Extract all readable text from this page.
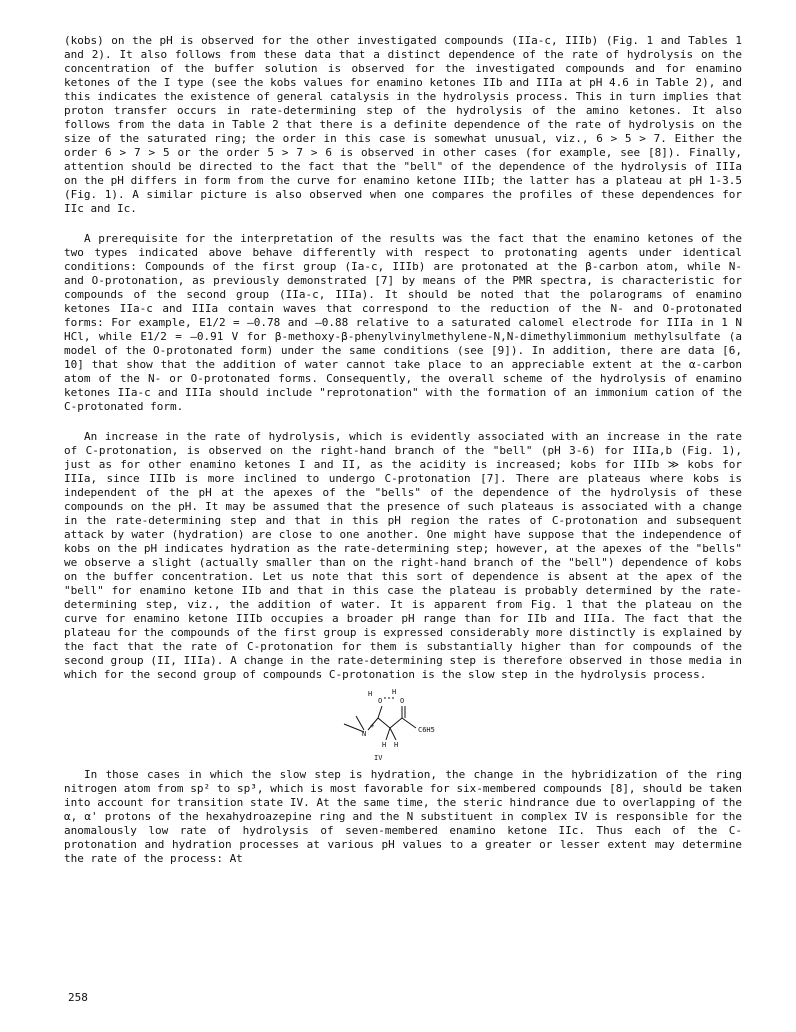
(kobs) on the pH is observed for the other investigated compounds (IIa-c, IIIb) (Fig. 1 and Tables 1 and 2). It also follows from these data that a distinct dependence of the rate of hydrolysis on the concentration of the buffer solution is observed for the investigated compounds and for enamino ketones of the I type (see the kobs values for enamino ketones IIb and IIIa at pH 4.6 in Table 2), and this indicates the existence of general catalysis in the hydrolysis process. This in turn implies that proton transfer occurs in rate-determining step of the hydrolysis of the amino ketones. It also follows from the data in Table 2 that there is a definite dependence of the rate of hydrolysis on the size of the saturated ring; the order in this case is somewhat unusual, viz., 6 > 5 > 7. Either the order 6 > 7 > 5 or the order 5 > 7 > 6 is observed in other cases (for example, see [8]). Finally, attention should be directed to the fact that the "bell" of the dependence of the hydrolysis of IIIa on the pH differs in form from the curve for enamino ketone IIIb; the latter has a plateau at pH 1-3.5 (Fig. 1). A similar picture is also observed when one compares the profiles of these dependences for IIc and Ic.

A prerequisite for the interpretation of the results was the fact that the enamino ketones of the two types indicated above behave differently with respect to protonating agents under identical conditions: Compounds of the first group (Ia-c, IIIb) are protonated at the β-carbon atom, while N- and O-protonation, as previously demonstrated [7] by means of the PMR spectra, is characteristic for compounds of the second group (IIa-c, IIIa). It should be noted that the polarograms of enamino ketones IIa-c and IIIa contain waves that correspond to the reduction of the N- and O-protonated forms: For example, E1/2 = –0.78 and –0.88 relative to a saturated calomel electrode for IIIa in 1 N HCl, while E1/2 = –0.91 V for β-methoxy-β-phenylvinylmethylene-N,N-dimethylimmonium methylsulfate (a model of the O-protonated form) under the same conditions (see [9]). In addition, there are data [6, 10] that show that the addition of water cannot take place to an appreciable extent at the α-carbon atom of the N- or O-protonated forms. Consequently, the overall scheme of the hydrolysis of enamino ketones IIa-c and IIIa should include "reprotonation" with the formation of an immonium cation of the C-protonated form.

An increase in the rate of hydrolysis, which is evidently associated with an increase in the rate of C-protonation, is observed on the right-hand branch of the "bell" (pH 3-6) for IIIa,b (Fig. 1), just as for other enamino ketones I and II, as the acidity is increased; kobs for IIIb ≫ kobs for IIIa, since IIIb is more inclined to undergo C-protonation [7]. There are plateaus where kobs is independent of the pH at the apexes of the "bells" of the dependence of the hydrolysis of these compounds on the pH. It may be assumed that the presence of such plateaus is associated with a change in the rate-determining step and that in this pH region the rates of C-protonation and subsequent attack by water (hydration) are close to one another. One might have suppose that the independence of kobs on the pH indicates hydration as the rate-determining step; however, at the apexes of the "bells" we observe a slight (actually smaller than on the right-hand branch of the "bell") dependence of kobs on the buffer concentration. Let us note that this sort of dependence is absent at the apex of the "bell" for enamino ketone IIb and that in this case the plateau is probably determined by the rate-determining step, viz., the addition of water. It is apparent from Fig. 1 that the plateau on the curve for enamino ketone IIIb occupies a broader pH range than for IIb and IIIa. The fact that the plateau for the compounds of the first group is expressed considerably more distinctly is explained by the fact that the rate of C-protonation for them is substantially higher than for compounds of the second group (II, IIIa). A change in the rate-determining step is therefore observed in those media in which for the second group of compounds C-protonation is the slow step in the hydrolysis process.

H
O
H
O
N
+
H H
C6H5
IV

In those cases in which the slow step is hydration, the change in the hybridization of the ring nitrogen atom from sp² to sp³, which is most favorable for six-membered compounds [8], should be taken into account for transition state IV. At the same time, the steric hindrance due to overlapping of the α, α' protons of the hexahydroazepine ring and the N substituent in complex IV is responsible for the anomalously low rate of hydrolysis of seven-membered enamino ketone IIc. Thus each of the C-protonation and hydration processes at various pH values to a greater or lesser extent may determine the rate of the process: At

258
